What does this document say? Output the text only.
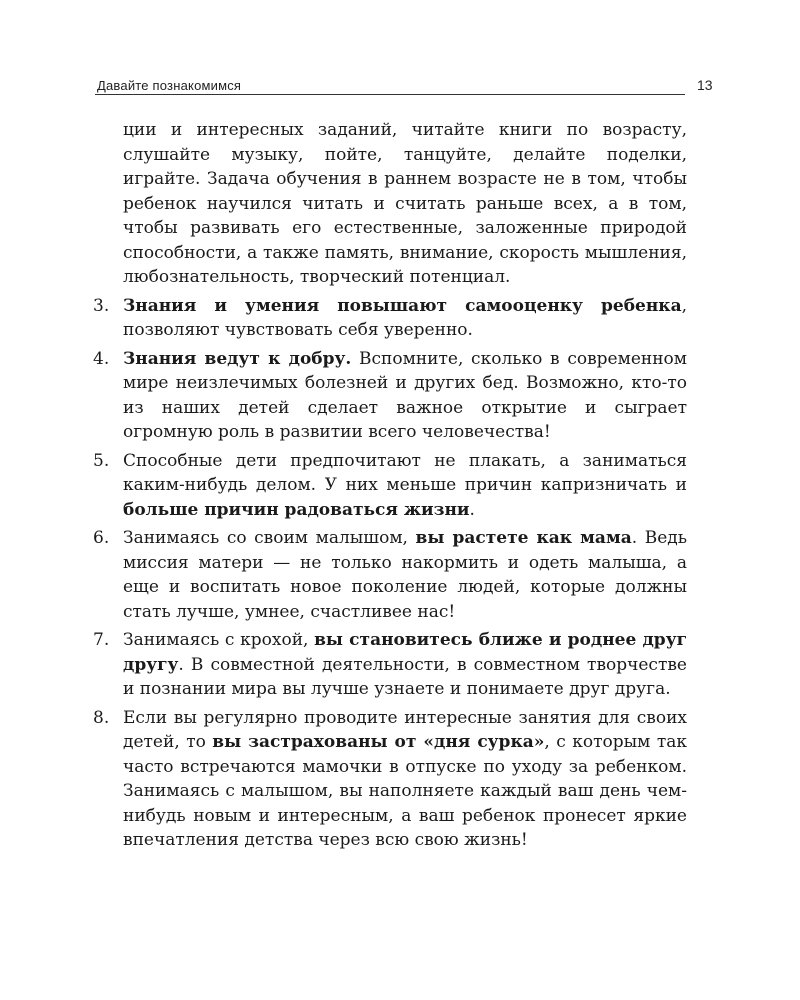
Давайте познакомимся	13

ции и интересных заданий, читайте книги по возрасту, слушайте музыку, пойте, танцуйте, делайте поделки, играйте. Задача обучения в раннем возрасте не в том, чтобы ребенок научился читать и считать раньше всех, а в том, чтобы развивать его естественные, заложенные природой способности, а также память, внимание, скорость мышления, любознательность, творческий потенциал.

3. Знания и умения повышают самооценку ребенка, позволяют чувствовать себя уверенно.
4. Знания ведут к добру. Вспомните, сколько в современном мире неизлечимых болезней и других бед. Возможно, кто-то из наших детей сделает важное открытие и сыграет огромную роль в развитии всего человечества!
5. Способные дети предпочитают не плакать, а заниматься каким-нибудь делом. У них меньше причин капризничать и больше причин радоваться жизни.
6. Занимаясь со своим малышом, вы растете как мама. Ведь миссия матери — не только накормить и одеть малыша, а еще и воспитать новое поколение людей, которые должны стать лучше, умнее, счастливее нас!
7. Занимаясь с крохой, вы становитесь ближе и роднее друг другу. В совместной деятельности, в совместном творчестве и познании мира вы лучше узнаете и понимаете друг друга.
8. Если вы регулярно проводите интересные занятия для своих детей, то вы застрахованы от «дня сурка», с которым так часто встречаются мамочки в отпуске по уходу за ребенком. Занимаясь с малышом, вы наполняете каждый ваш день чем-нибудь новым и интересным, а ваш ребенок пронесет яркие впечатления детства через всю свою жизнь!
